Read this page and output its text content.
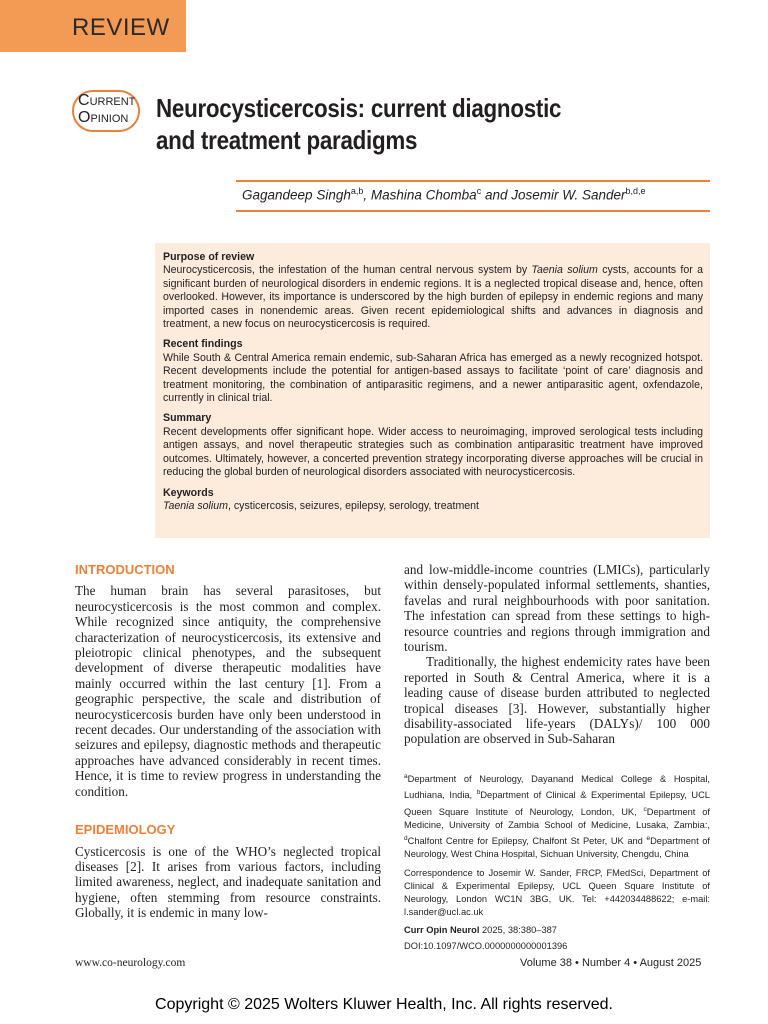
REVIEW
CURRENT
OPINION Neurocysticercosis: current diagnostic and treatment paradigms
Gagandeep Singh$^{a,b}$, Mashina Chomba$^c$ and Josemir W. Sander$^{b,d,e}$
Purpose of review

Neurocysticercosis, the infestation of the human central nervous system by Taenia solium cysts, accounts for a significant burden of neurological disorders in endemic regions. It is a neglected tropical disease and, hence, often overlooked. However, its importance is underscored by the high burden of epilepsy in endemic regions and many imported cases in nonendemic areas. Given recent epidemiological shifts and advances in diagnosis and treatment, a new focus on neurocysticercosis is required.

Recent findings

While South & Central America remain endemic, sub-Saharan Africa has emerged as a newly recognized hotspot. Recent developments include the potential for antigen-based assays to facilitate ‘point of care’ diagnosis and treatment monitoring, the combination of antiparasitic regimens, and a newer antiparasitic agent, oxfendazole, currently in clinical trial.

Summary

Recent developments offer significant hope. Wider access to neuroimaging, improved serological tests including antigen assays, and novel therapeutic strategies such as combination antiparasitic treatment have improved outcomes. Ultimately, however, a concerted prevention strategy incorporating diverse approaches will be crucial in reducing the global burden of neurological disorders associated with neurocysticercosis.

Keywords

Taenia solium, cysticercosis, seizures, epilepsy, serology, treatment

INTRODUCTION

The human brain has several parasitoses, but neurocysticercosis is the most common and complex. While recognized since antiquity, the comprehensive characterization of neurocysticercosis, its extensive and pleiotropic clinical phenotypes, and the subsequent development of diverse therapeutic modalities have mainly occurred within the last century [1]. From a geographic perspective, the scale and distribution of neurocysticercosis burden have only been understood in recent decades. Our understanding of the association with seizures and epilepsy, diagnostic methods and therapeutic approaches have advanced considerably in recent times. Hence, it is time to review progress in understanding the condition.

EPIDEMIOLOGY

Cysticercosis is one of the WHO’s neglected tropical diseases [2]. It arises from various factors, including limited awareness, neglect, and inadequate sanitation and hygiene, often stemming from resource constraints. Globally, it is endemic in many low-

and low-middle-income countries (LMICs), particularly within densely-populated informal settlements, shanties, favelas and rural neighbourhoods with poor sanitation. The infestation can spread from these settings to high-resource countries and regions through immigration and tourism.

Traditionally, the highest endemicity rates have been reported in South & Central America, where it is a leading cause of disease burden attributed to neglected tropical diseases [3]. However, substantially higher disability-associated life-years (DALYs)/ 100 000 population are observed in Sub-Saharan

$^a$Department of Neurology, Dayanand Medical College & Hospital, Ludhiana, India, $^b$Department of Clinical & Experimental Epilepsy, UCL Queen Square Institute of Neurology, London, UK, $^c$Department of Medicine, University of Zambia School of Medicine, Lusaka, Zambia:, $^d$Chalfont Centre for Epilepsy, Chalfont St Peter, UK and $^e$Department of Neurology, West China Hospital, Sichuan University, Chengdu, China

Correspondence to Josemir W. Sander, FRCP, FMedSci, Department of Clinical & Experimental Epilepsy, UCL Queen Square Institute of Neurology, London WC1N 3BG, UK. Tel: +442034488622; e-mail: l.sander@ucl.ac.uk

Curr Opin Neurol 2025, 38:380–387

DOI:10.1097/WCO.0000000000001396

www.co-neurology.com	Volume 38 • Number 4 • August 2025
Copyright © 2025 Wolters Kluwer Health, Inc. All rights reserved.
